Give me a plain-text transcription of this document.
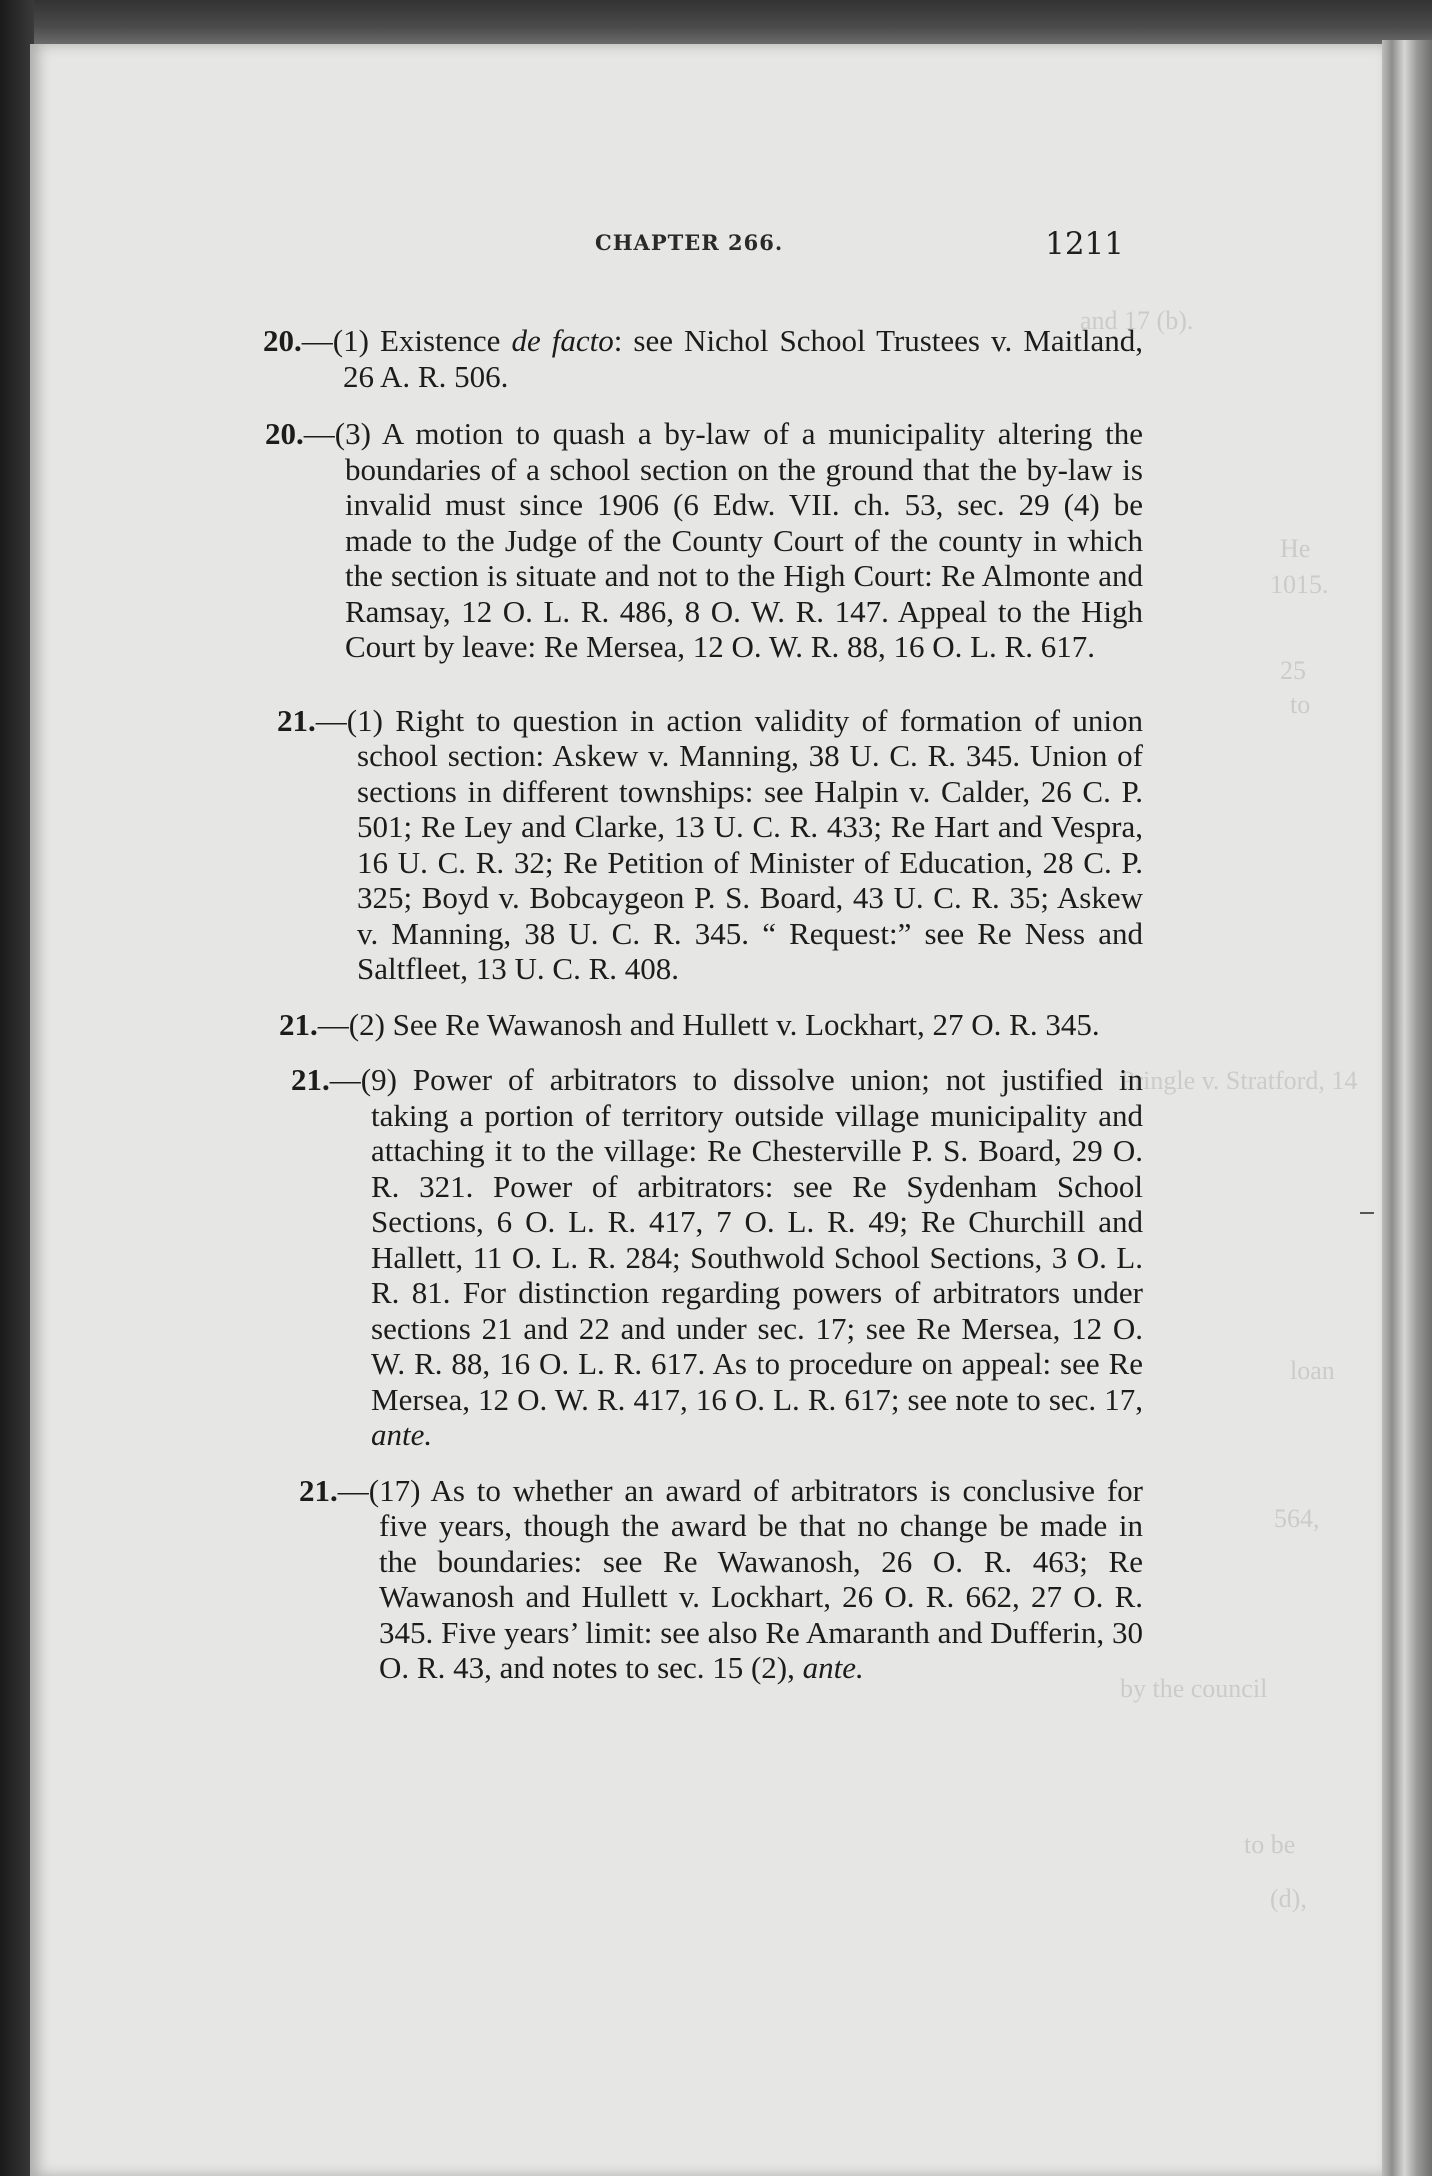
and 17 (b).
He
1015.
25
to
Pringle v. Stratford, 14
loan
564,
by the council
to be
(d),
CHAPTER 266.	1211

20.—(1) Existence de facto: see Nichol School Trustees v. Maitland, 26 A. R. 506.

20.—(3) A motion to quash a by-law of a municipality altering the boundaries of a school section on the ground that the by-law is invalid must since 1906 (6 Edw. VII. ch. 53, sec. 29 (4) be made to the Judge of the County Court of the county in which the section is situate and not to the High Court: Re Almonte and Ramsay, 12 O. L. R. 486, 8 O. W. R. 147. Appeal to the High Court by leave: Re Mersea, 12 O. W. R. 88, 16 O. L. R. 617.

21.—(1) Right to question in action validity of formation of union school section: Askew v. Manning, 38 U. C. R. 345. Union of sections in different townships: see Halpin v. Calder, 26 C. P. 501; Re Ley and Clarke, 13 U. C. R. 433; Re Hart and Vespra, 16 U. C. R. 32; Re Petition of Minister of Education, 28 C. P. 325; Boyd v. Bobcaygeon P. S. Board, 43 U. C. R. 35; Askew v. Manning, 38 U. C. R. 345. “ Request:” see Re Ness and Saltfleet, 13 U. C. R. 408.

21.—(2) See Re Wawanosh and Hullett v. Lockhart, 27 O. R. 345.

21.—(9) Power of arbitrators to dissolve union; not justified in taking a portion of territory outside village municipality and attaching it to the village: Re Chesterville P. S. Board, 29 O. R. 321. Power of arbitrators: see Re Sydenham School Sections, 6 O. L. R. 417, 7 O. L. R. 49; Re Churchill and Hallett, 11 O. L. R. 284; Southwold School Sections, 3 O. L. R. 81. For distinction regarding powers of arbitrators under sections 21 and 22 and under sec. 17; see Re Mersea, 12 O. W. R. 88, 16 O. L. R. 617. As to procedure on appeal: see Re Mersea, 12 O. W. R. 417, 16 O. L. R. 617; see note to sec. 17, ante.

21.—(17) As to whether an award of arbitrators is conclusive for five years, though the award be that no change be made in the boundaries: see Re Wawanosh, 26 O. R. 463; Re Wawanosh and Hullett v. Lockhart, 26 O. R. 662, 27 O. R. 345. Five years’ limit: see also Re Amaranth and Dufferin, 30 O. R. 43, and notes to sec. 15 (2), ante.
